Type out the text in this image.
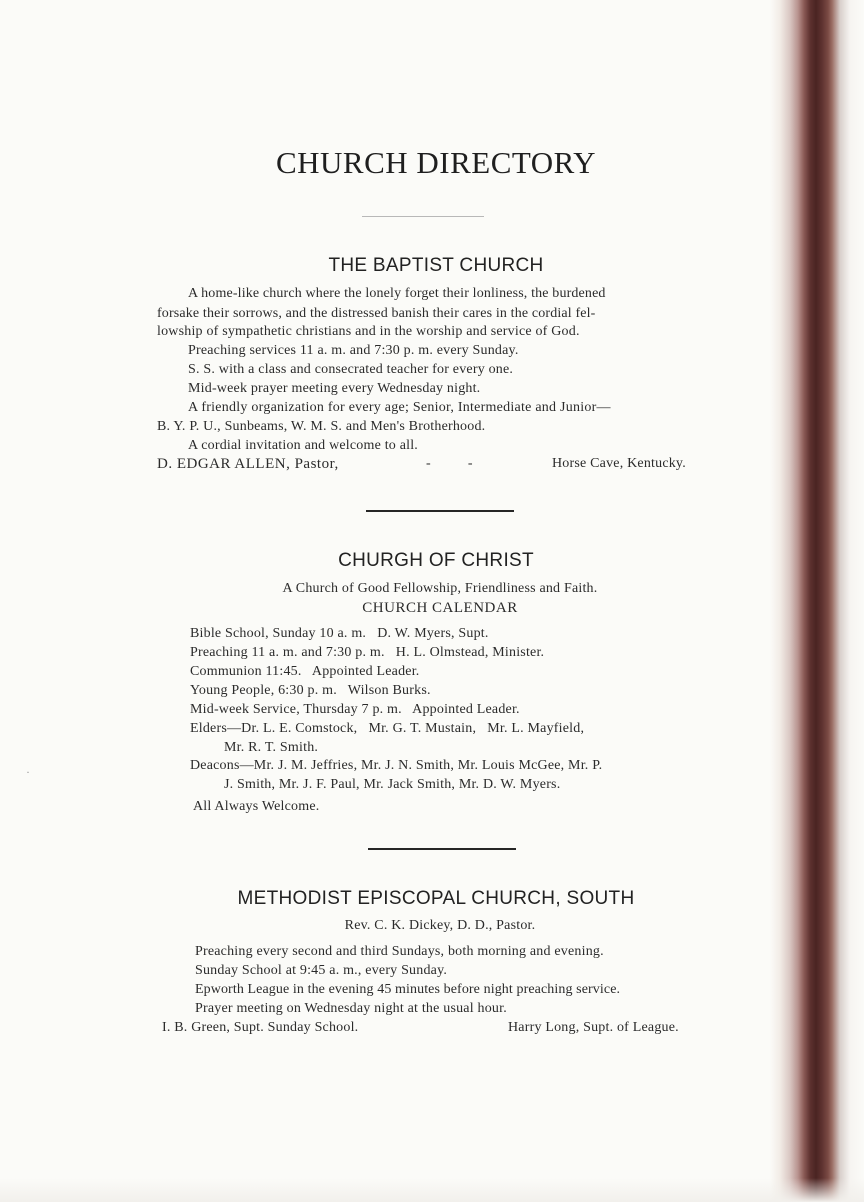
CHURCH DIRECTORY
THE BAPTIST CHURCH
A home-like church where the lonely forget their lonliness, the burdened
forsake their sorrows, and the distressed banish their cares in the cordial fel-
lowship of sympathetic christians and in the worship and service of God.
Preaching services 11 a. m. and 7:30 p. m. every Sunday.
S. S. with a class and consecrated teacher for every one.
Mid-week prayer meeting every Wednesday night.
A friendly organization for every age; Senior, Intermediate and Junior—
B. Y. P. U., Sunbeams, W. M. S. and Men's Brotherhood.
A cordial invitation and welcome to all.
D. EDGAR ALLEN, Pastor,	-          -	Horse Cave, Kentucky.
CHURGH OF CHRIST
A Church of Good Fellowship, Friendliness and Faith.
CHURCH CALENDAR
Bible School, Sunday 10 a. m.   D. W. Myers, Supt.
Preaching 11 a. m. and 7:30 p. m.   H. L. Olmstead, Minister.
Communion 11:45.   Appointed Leader.
Young People, 6:30 p. m.   Wilson Burks.
Mid-week Service, Thursday 7 p. m.   Appointed Leader.
Elders—Dr. L. E. Comstock,   Mr. G. T. Mustain,   Mr. L. Mayfield,
Mr. R. T. Smith.
Deacons—Mr. J. M. Jeffries, Mr. J. N. Smith, Mr. Louis McGee, Mr. P.
J. Smith, Mr. J. F. Paul, Mr. Jack Smith, Mr. D. W. Myers.
All Always Welcome.
·
METHODIST EPISCOPAL CHURCH, SOUTH
Rev. C. K. Dickey, D. D., Pastor.
Preaching every second and third Sundays, both morning and evening.
Sunday School at 9:45 a. m., every Sunday.
Epworth League in the evening 45 minutes before night preaching service.
Prayer meeting on Wednesday night at the usual hour.
I. B. Green, Supt. Sunday School.	Harry Long, Supt. of League.
